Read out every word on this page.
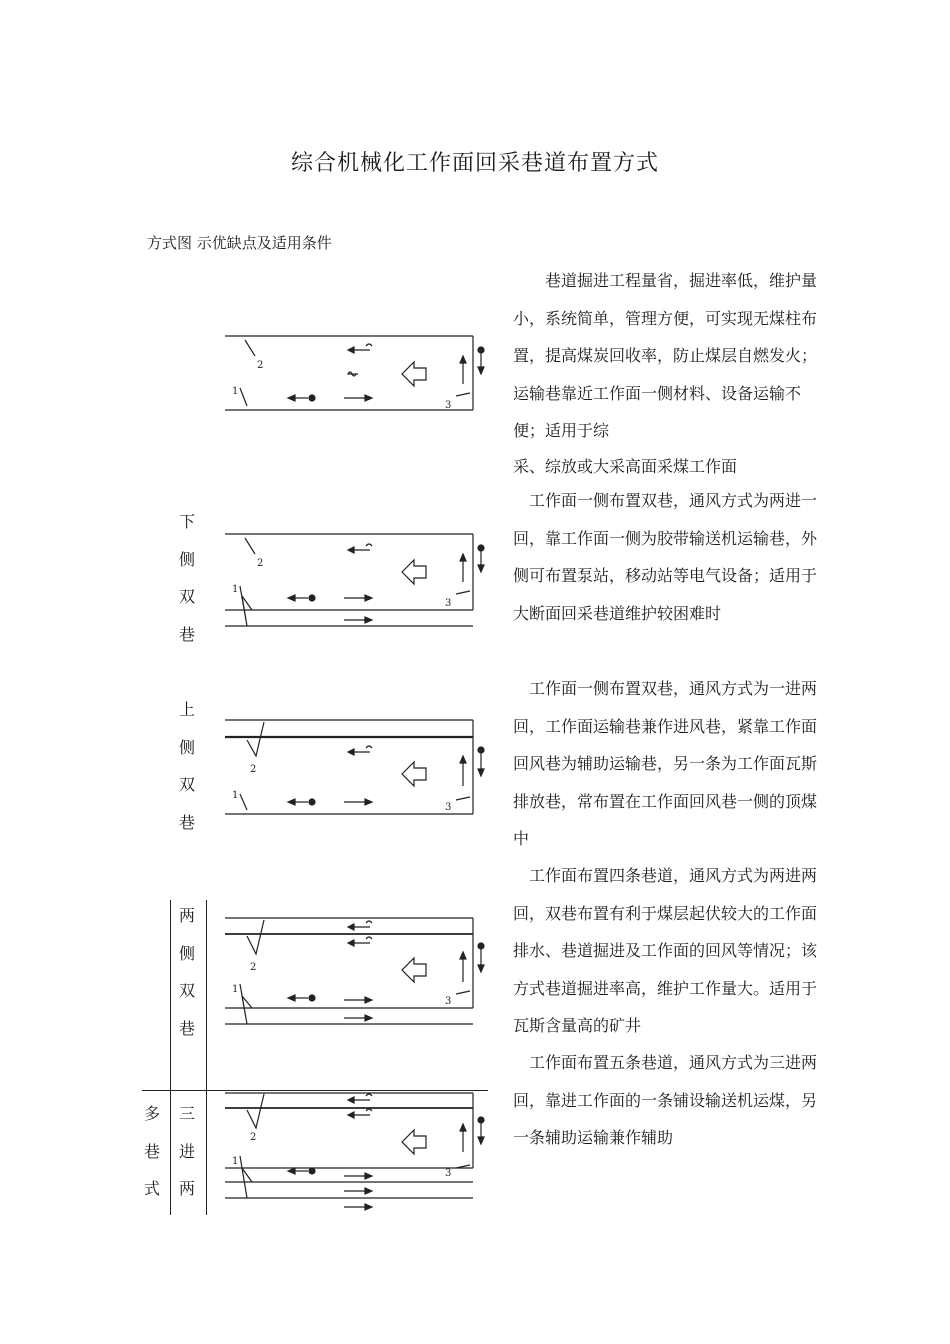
综合机械化工作面回采巷道布置方式
方式图 示优缺点及适用条件

巷道掘进工程量省，掘进率低，维护量小，系统简单，管理方便，可实现无煤柱布置，提高煤炭回收率，防止煤层自燃发火；运输巷靠近工作面一侧材料、设备运输不便；适用于综

采、综放或大采高面采煤工作面

工作面一侧布置双巷，通风方式为两进一回，靠工作面一侧为胶带输送机运输巷，外侧可布置泵站，移动站等电气设备；适用于大断面回采巷道维护较困难时

工作面一侧布置双巷，通风方式为一进两回，工作面运输巷兼作进风巷，紧靠工作面回风巷为辅助运输巷，另一条为工作面瓦斯排放巷，常布置在工作面回风巷一侧的顶煤中

工作面布置四条巷道，通风方式为两进两回，双巷布置有利于煤层起伏较大的工作面排水、巷道掘进及工作面的回风等情况；该方式巷道掘进率高，维护工作量大。适用于瓦斯含量高的矿井

工作面布置五条巷道，通风方式为三进两回，靠进工作面的一条铺设输送机运煤，另一条辅助运输兼作辅助

下
侧
双
巷
上
侧
双
巷
两
侧
双
巷
多
巷
式
三
进
两
2
1
3
2
1
3
2
1
3
2
1
3
2
1
3
